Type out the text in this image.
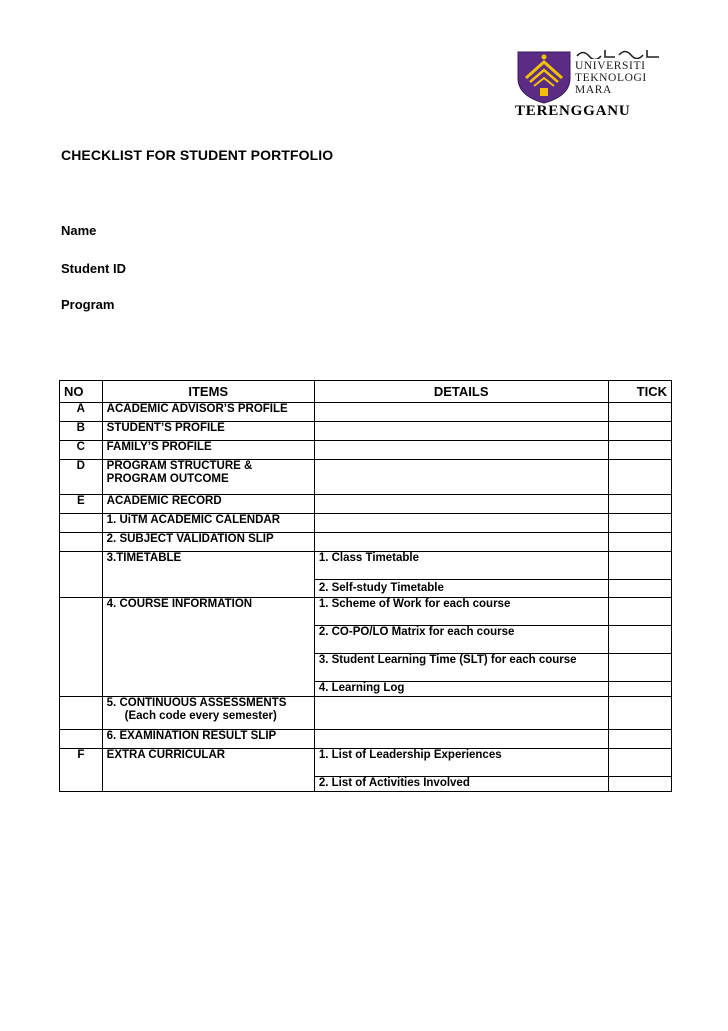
UNIVERSITI
TEKNOLOGI
MARA
TERENGGANU
CHECKLIST FOR STUDENT PORTFOLIO
Name
Student ID
Program
NO	ITEMS	DETAILS	TICK
A	ACADEMIC ADVISOR’S PROFILE		
B	STUDENT’S PROFILE		
C	FAMILY’S PROFILE		
D	PROGRAM STRUCTURE &
PROGRAM OUTCOME		

E	ACADEMIC RECORD		
	1. UiTM ACADEMIC CALENDAR		
	2. SUBJECT VALIDATION SLIP		
	3.TIMETABLE	1. Class Timetable	
		2. Self-study Timetable	
	4. COURSE INFORMATION	1. Scheme of Work for each course	
		2. CO-PO/LO Matrix for each course	
		3. Student Learning Time (SLT) for each course	
		4. Learning Log	

	5. CONTINUOUS ASSESSMENTS
(Each code every semester)		

	6. EXAMINATION RESULT SLIP		
F	EXTRA CURRICULAR	1. List of Leadership Experiences	
		2. List of Activities Involved	
